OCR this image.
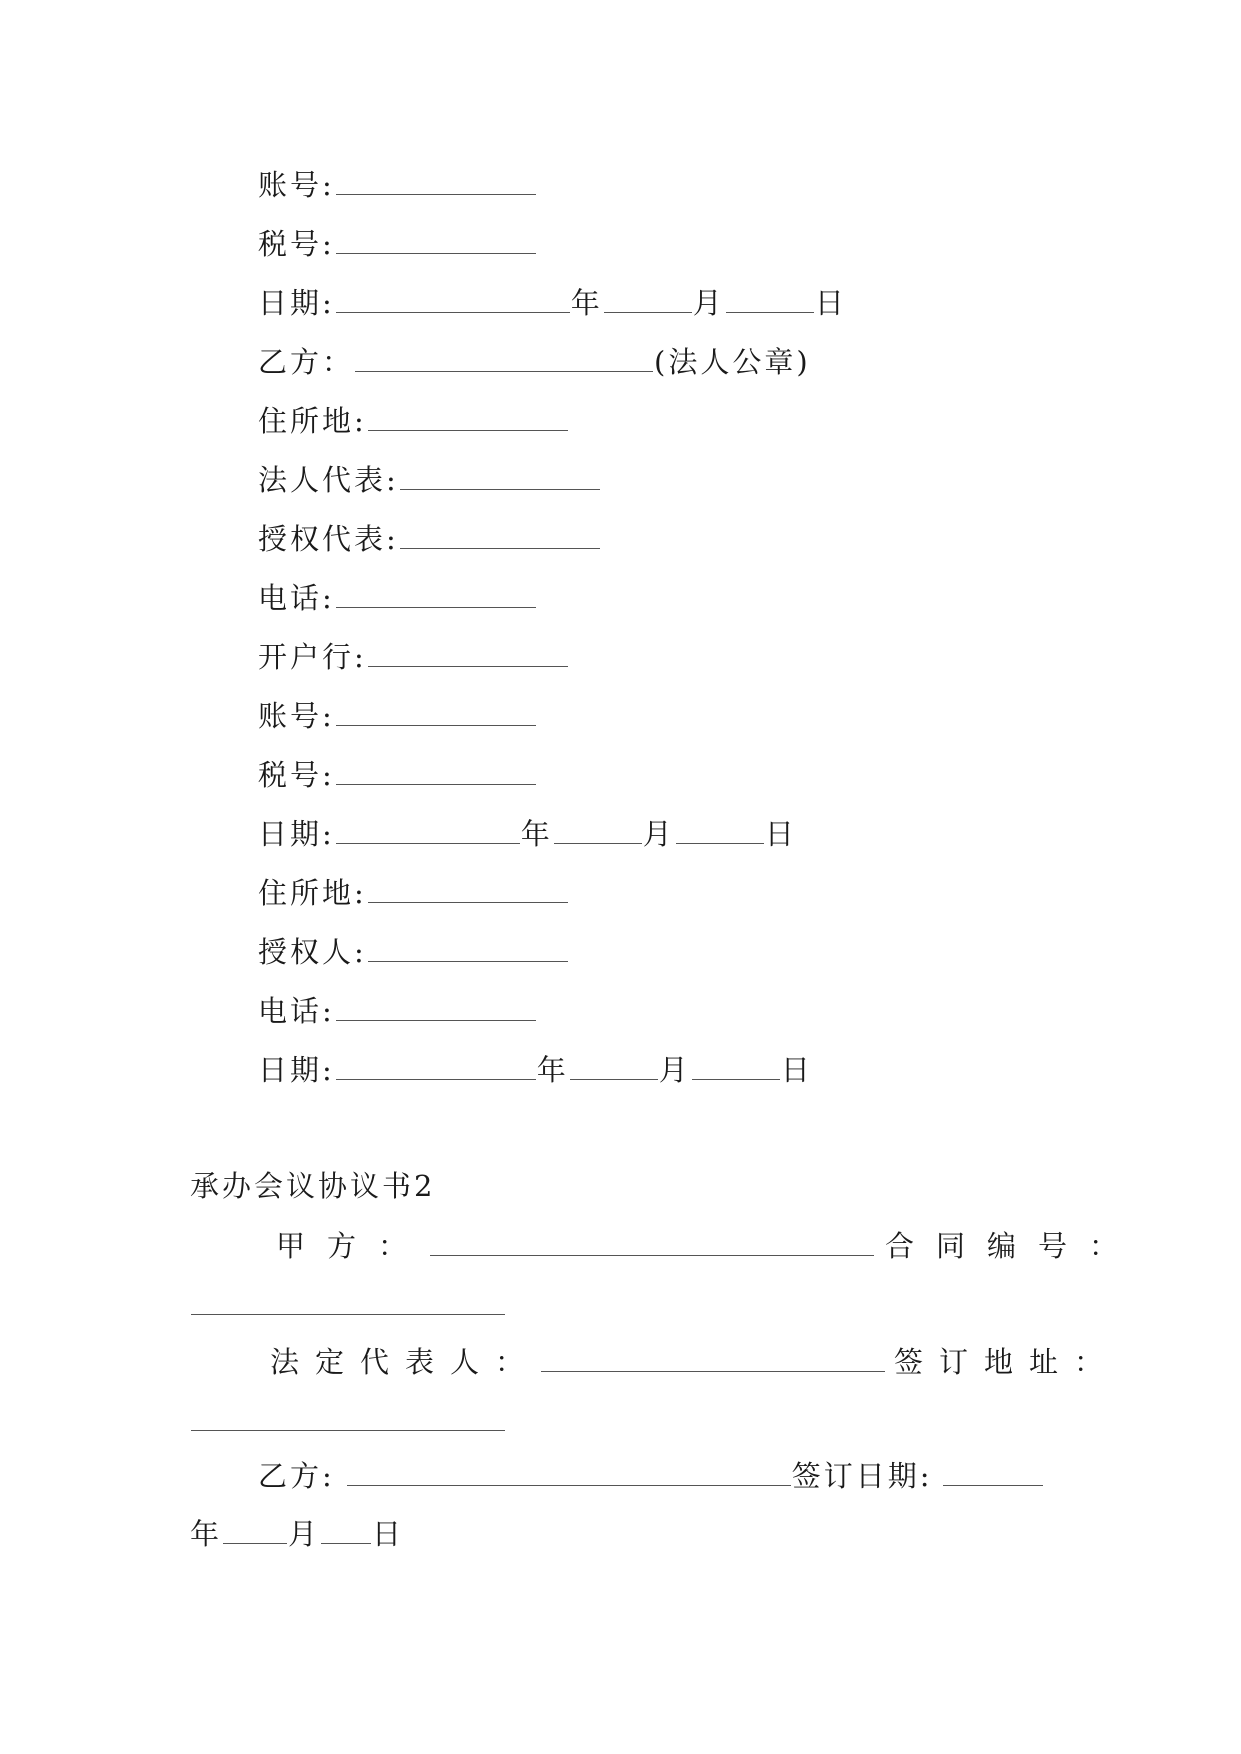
账号:
税号:
日期:	年	月	日
乙方：	(法人公章)
住所地:
法人代表:
授权代表:
电话:
开户行:
账号:
税号:
日期:	年	月	日
住所地:
授权人:
电话:
日期:	年	月	日
承办会议协议书2
甲方：	合同编号：
法定代表人：	签订地址：
乙方:	签订日期:
年 月 日
